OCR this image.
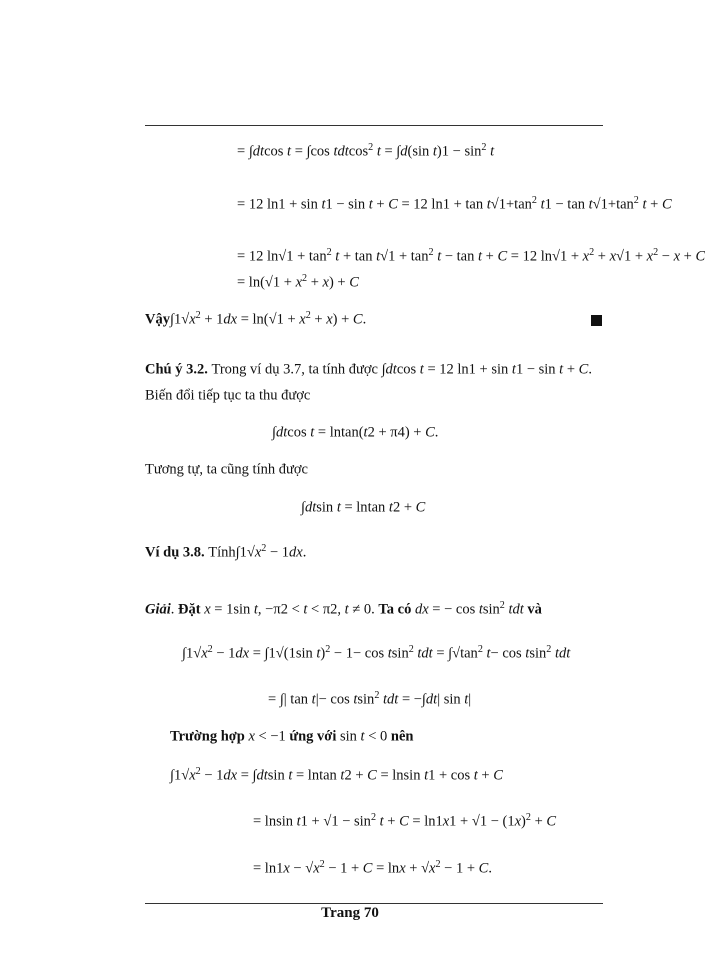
= ∫dtcos t = ∫cos tdtcos$^2$ t = ∫d(sin $t)1 - \sin^2 t$
= 12 ln1 + sin t1 − sin t + C = 12 $\ln 1 + \tan t√1+\tan^2$ $t1 - \tan t√1+\tan^2$ t + C
= 12 $\ln√1 + \tan^2 t + \tan t√1 + \tan^2 t - \tan t + C = 12$ $\ln√1 + x^2 + x√1 + x^2 - x + C$
= ln( $√1 + x^2 + x) + C$
Vậy $\int 1√x^2 + 1dx = \ln(√1 + x^2 + x) + C$.
Chú ý 3.2.
Trong ví dụ 3.7, ta tính được
∫dtcos t = 12 ln1 + sin t1 − sin t + C.
Biến đổi tiếp tục ta thu được
∫dtcos t = lntan(t2 + π4) + C.
Tương tự, ta cũng tính được
∫dtsin t = lntan t2 + C
Ví dụ 3.8.
Tính $\int 1√x^2 - 1dx$.
Giải .
Đặt
x = 1sin t, −π2 < t < π2, t ≠ 0.
Ta có
d x = − cos tsin$^2$ tdt
và
$\int 1√x^2 - 1dx = \int 1√(1\sin$ t)$^2$ − 1− cos tsin$^2$ tdt = $\int√\tan^2$ t− cos tsin$^2$ tdt
= ∫| tan t|− cos tsin$^2$ tdt = −∫dt| sin t|
Trường hợp
x < −1
ứng với
sin t < 0
nên
$\int 1√x^2 - 1dx = \int dtsin$ t = lntan t2 + C = lnsin t1 + cos t + C
= $\ln \sin t1 + √1 - \sin^2 t + C = \ln 1x1 + √1 - (1x)^2 + C$
= $\ln 1x - √x^2 - 1 + C = \ln x + √x^2 - 1 + C$.
Trang 70
